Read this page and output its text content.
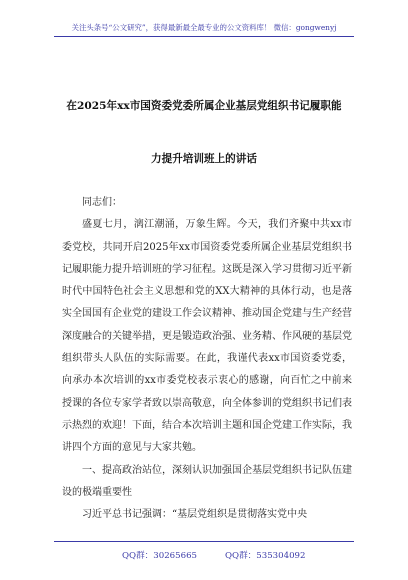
关注头条号“公文研究”，获得最新最全最专业的公文资料库！ 微信：gongwenyj
在2025年xx市国资委党委所属企业基层党组织书记履职能
力提升培训班上的讲话

同志们：

盛夏七月，漓江潮涌，万象生辉。今天，我们齐聚中共xx市委党校，共同开启2025年xx市国资委党委所属企业基层党组织书记履职能力提升培训班的学习征程。这既是深入学习贯彻习近平新时代中国特色社会主义思想和党的XX大精神的具体行动，也是落实全国国有企业党的建设工作会议精神、推动国企党建与生产经营深度融合的关键举措，更是锻造政治强、业务精、作风硬的基层党组织带头人队伍的实际需要。在此，我谨代表xx市国资委党委，向承办本次培训的xx市委党校表示衷心的感谢，向百忙之中前来授课的各位专家学者致以崇高敬意，向全体参训的党组织书记们表示热烈的欢迎！下面，结合本次培训主题和国企党建工作实际，我讲四个方面的意见与大家共勉。

一、提高政治站位，深刻认识加强国企基层党组织书记队伍建设的极端重要性

习近平总书记强调：“基层党组织是贯彻落实党中央

QQ群：30265665	QQ群：535304092
